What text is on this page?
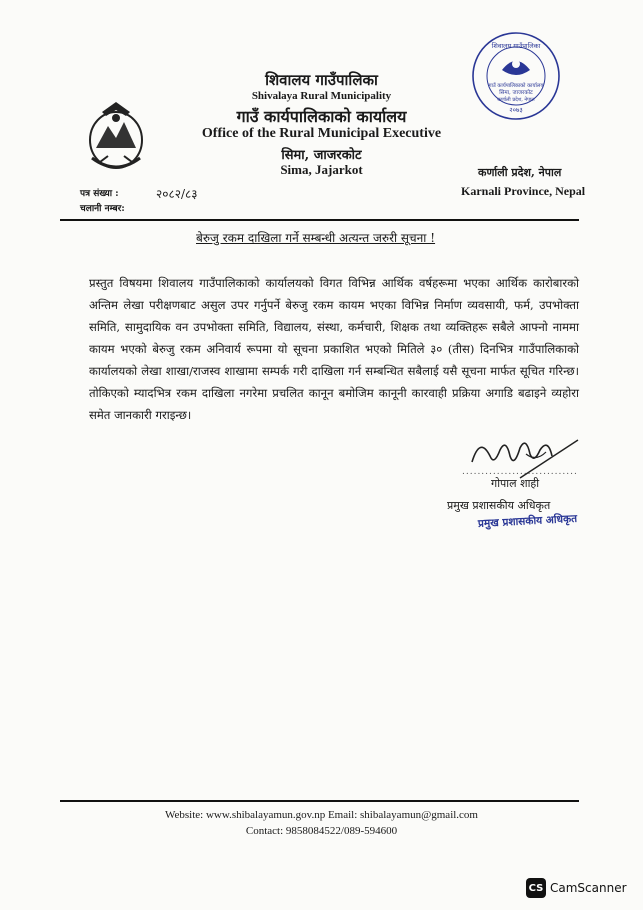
शिवालय गाउँपालिका
गाउँ कार्यपालिकाको कार्यालय
सिमा, जाजरकोट
कर्णाली प्रदेश, नेपाल
२०७३
शिवालय गाउँपालिका
Shivalaya Rural Municipality
गाउँ कार्यपालिकाको कार्यालय
Office of the Rural Municipal Executive
सिमा, जाजरकोट
Sima, Jajarkot	कर्णाली प्रदेश, नेपाल
Karnali Province, Nepal
पत्र संख्या :	२०८२/८३
चलानी नम्बर:
बेरुजु रकम दाखिला गर्ने सम्बन्धी अत्यन्त जरुरी सूचना !
प्रस्तुत विषयमा शिवालय गाउँपालिकाको कार्यालयको विगत विभिन्न आर्थिक वर्षहरूमा भएका आर्थिक कारोबारको अन्तिम लेखा परीक्षणबाट असुल उपर गर्नुपर्ने बेरुजु रकम कायम भएका विभिन्न निर्माण व्यवसायी, फर्म, उपभोक्ता समिति, सामुदायिक वन उपभोक्ता समिति, विद्यालय, संस्था, कर्मचारी, शिक्षक तथा व्यक्तिहरू सबैले आफ्नो नाममा कायम भएको बेरुजु रकम अनिवार्य रूपमा यो सूचना प्रकाशित भएको मितिले ३० (तीस) दिनभित्र गाउँपालिकाको कार्यालयको लेखा शाखा/राजस्व शाखामा सम्पर्क गरी दाखिला गर्न सम्बन्धित सबैलाई यसै सूचना मार्फत सूचित गरिन्छ। तोकिएको म्यादभित्र रकम दाखिला नगरेमा प्रचलित कानून बमोजिम कानूनी कारवाही प्रक्रिया अगाडि बढाइने व्यहोरा समेत जानकारी गराइन्छ।
..............................
गोपाल शाही
प्रमुख प्रशासकीय अधिकृत
प्रमुख प्रशासकीय अधिकृत
Website: www.shibalayamun.gov.np Email: shibalayamun@gmail.com
Contact: 9858084522/089-594600
CS CamScanner
